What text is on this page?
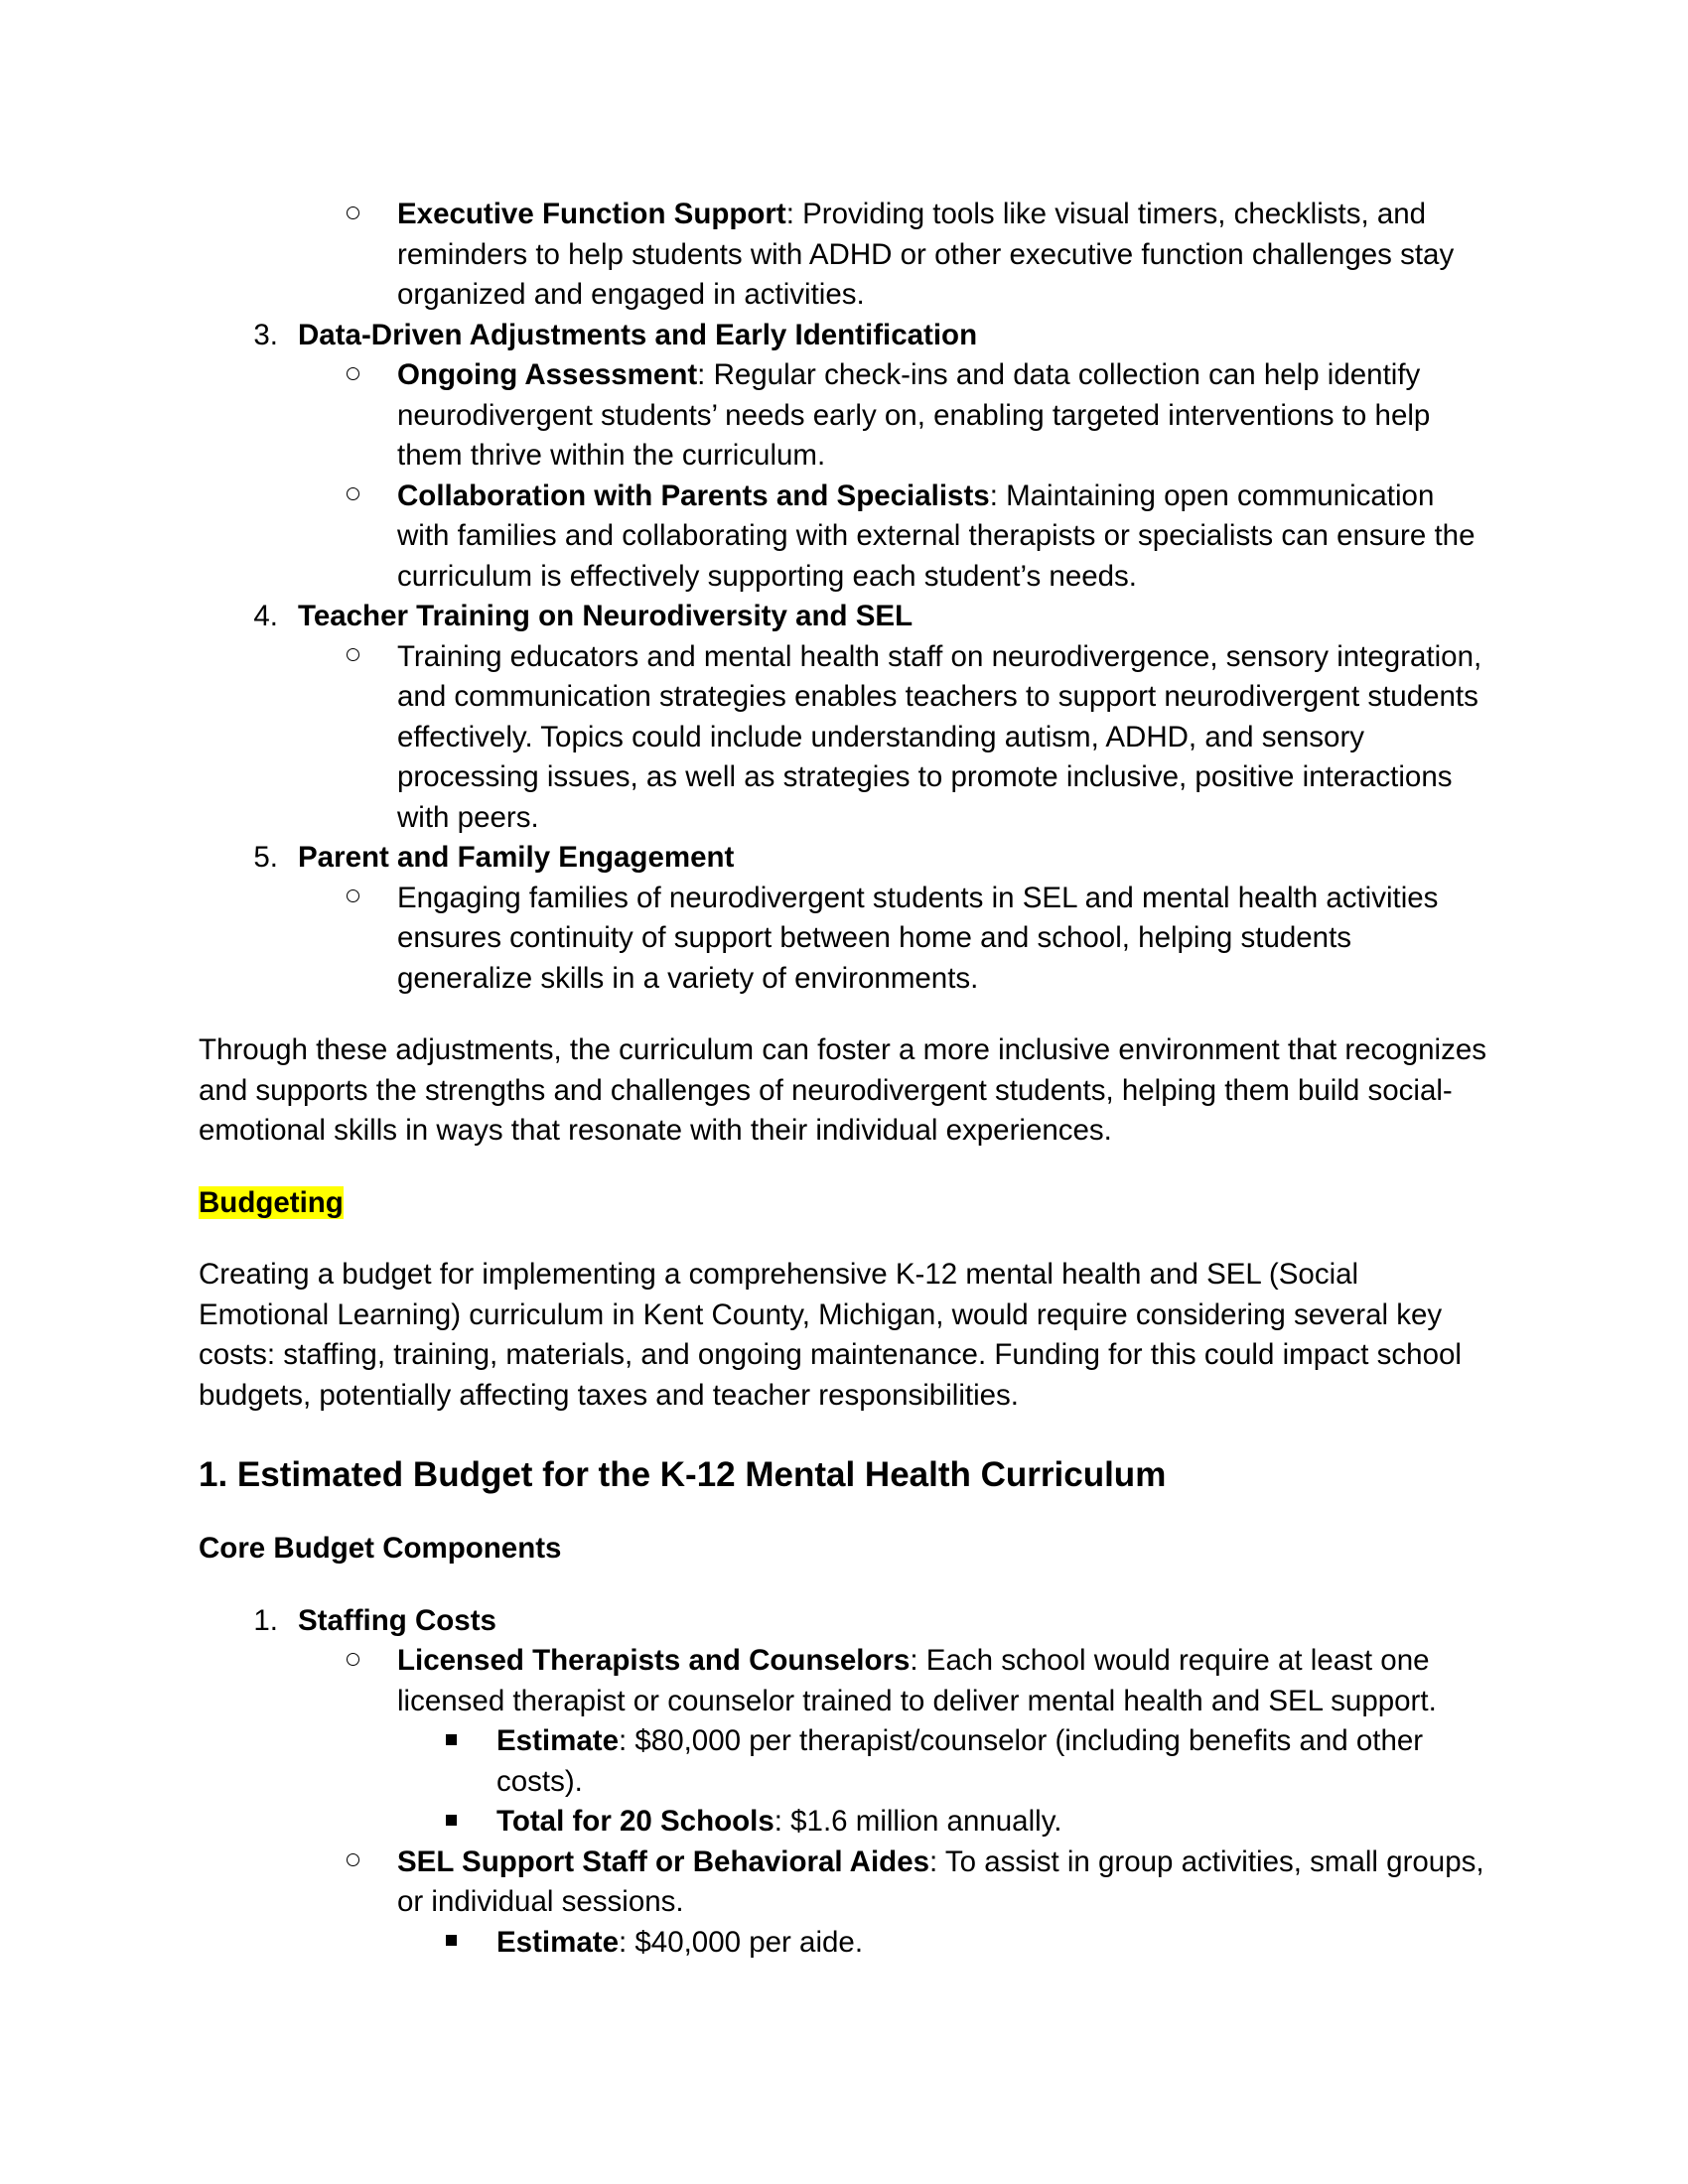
Executive Function Support: Providing tools like visual timers, checklists, and reminders to help students with ADHD or other executive function challenges stay organized and engaged in activities.
3. Data-Driven Adjustments and Early Identification
Ongoing Assessment: Regular check-ins and data collection can help identify neurodivergent students’ needs early on, enabling targeted interventions to help them thrive within the curriculum.
Collaboration with Parents and Specialists: Maintaining open communication with families and collaborating with external therapists or specialists can ensure the curriculum is effectively supporting each student’s needs.
4. Teacher Training on Neurodiversity and SEL
Training educators and mental health staff on neurodivergence, sensory integration, and communication strategies enables teachers to support neurodivergent students effectively. Topics could include understanding autism, ADHD, and sensory processing issues, as well as strategies to promote inclusive, positive interactions with peers.
5. Parent and Family Engagement
Engaging families of neurodivergent students in SEL and mental health activities ensures continuity of support between home and school, helping students generalize skills in a variety of environments.
Through these adjustments, the curriculum can foster a more inclusive environment that recognizes and supports the strengths and challenges of neurodivergent students, helping them build social-emotional skills in ways that resonate with their individual experiences.
Budgeting
Creating a budget for implementing a comprehensive K-12 mental health and SEL (Social Emotional Learning) curriculum in Kent County, Michigan, would require considering several key costs: staffing, training, materials, and ongoing maintenance. Funding for this could impact school budgets, potentially affecting taxes and teacher responsibilities.
1. Estimated Budget for the K-12 Mental Health Curriculum
Core Budget Components
1. Staffing Costs
Licensed Therapists and Counselors: Each school would require at least one licensed therapist or counselor trained to deliver mental health and SEL support.
Estimate: $80,000 per therapist/counselor (including benefits and other costs).
Total for 20 Schools: $1.6 million annually.
SEL Support Staff or Behavioral Aides: To assist in group activities, small groups, or individual sessions.
Estimate: $40,000 per aide.
